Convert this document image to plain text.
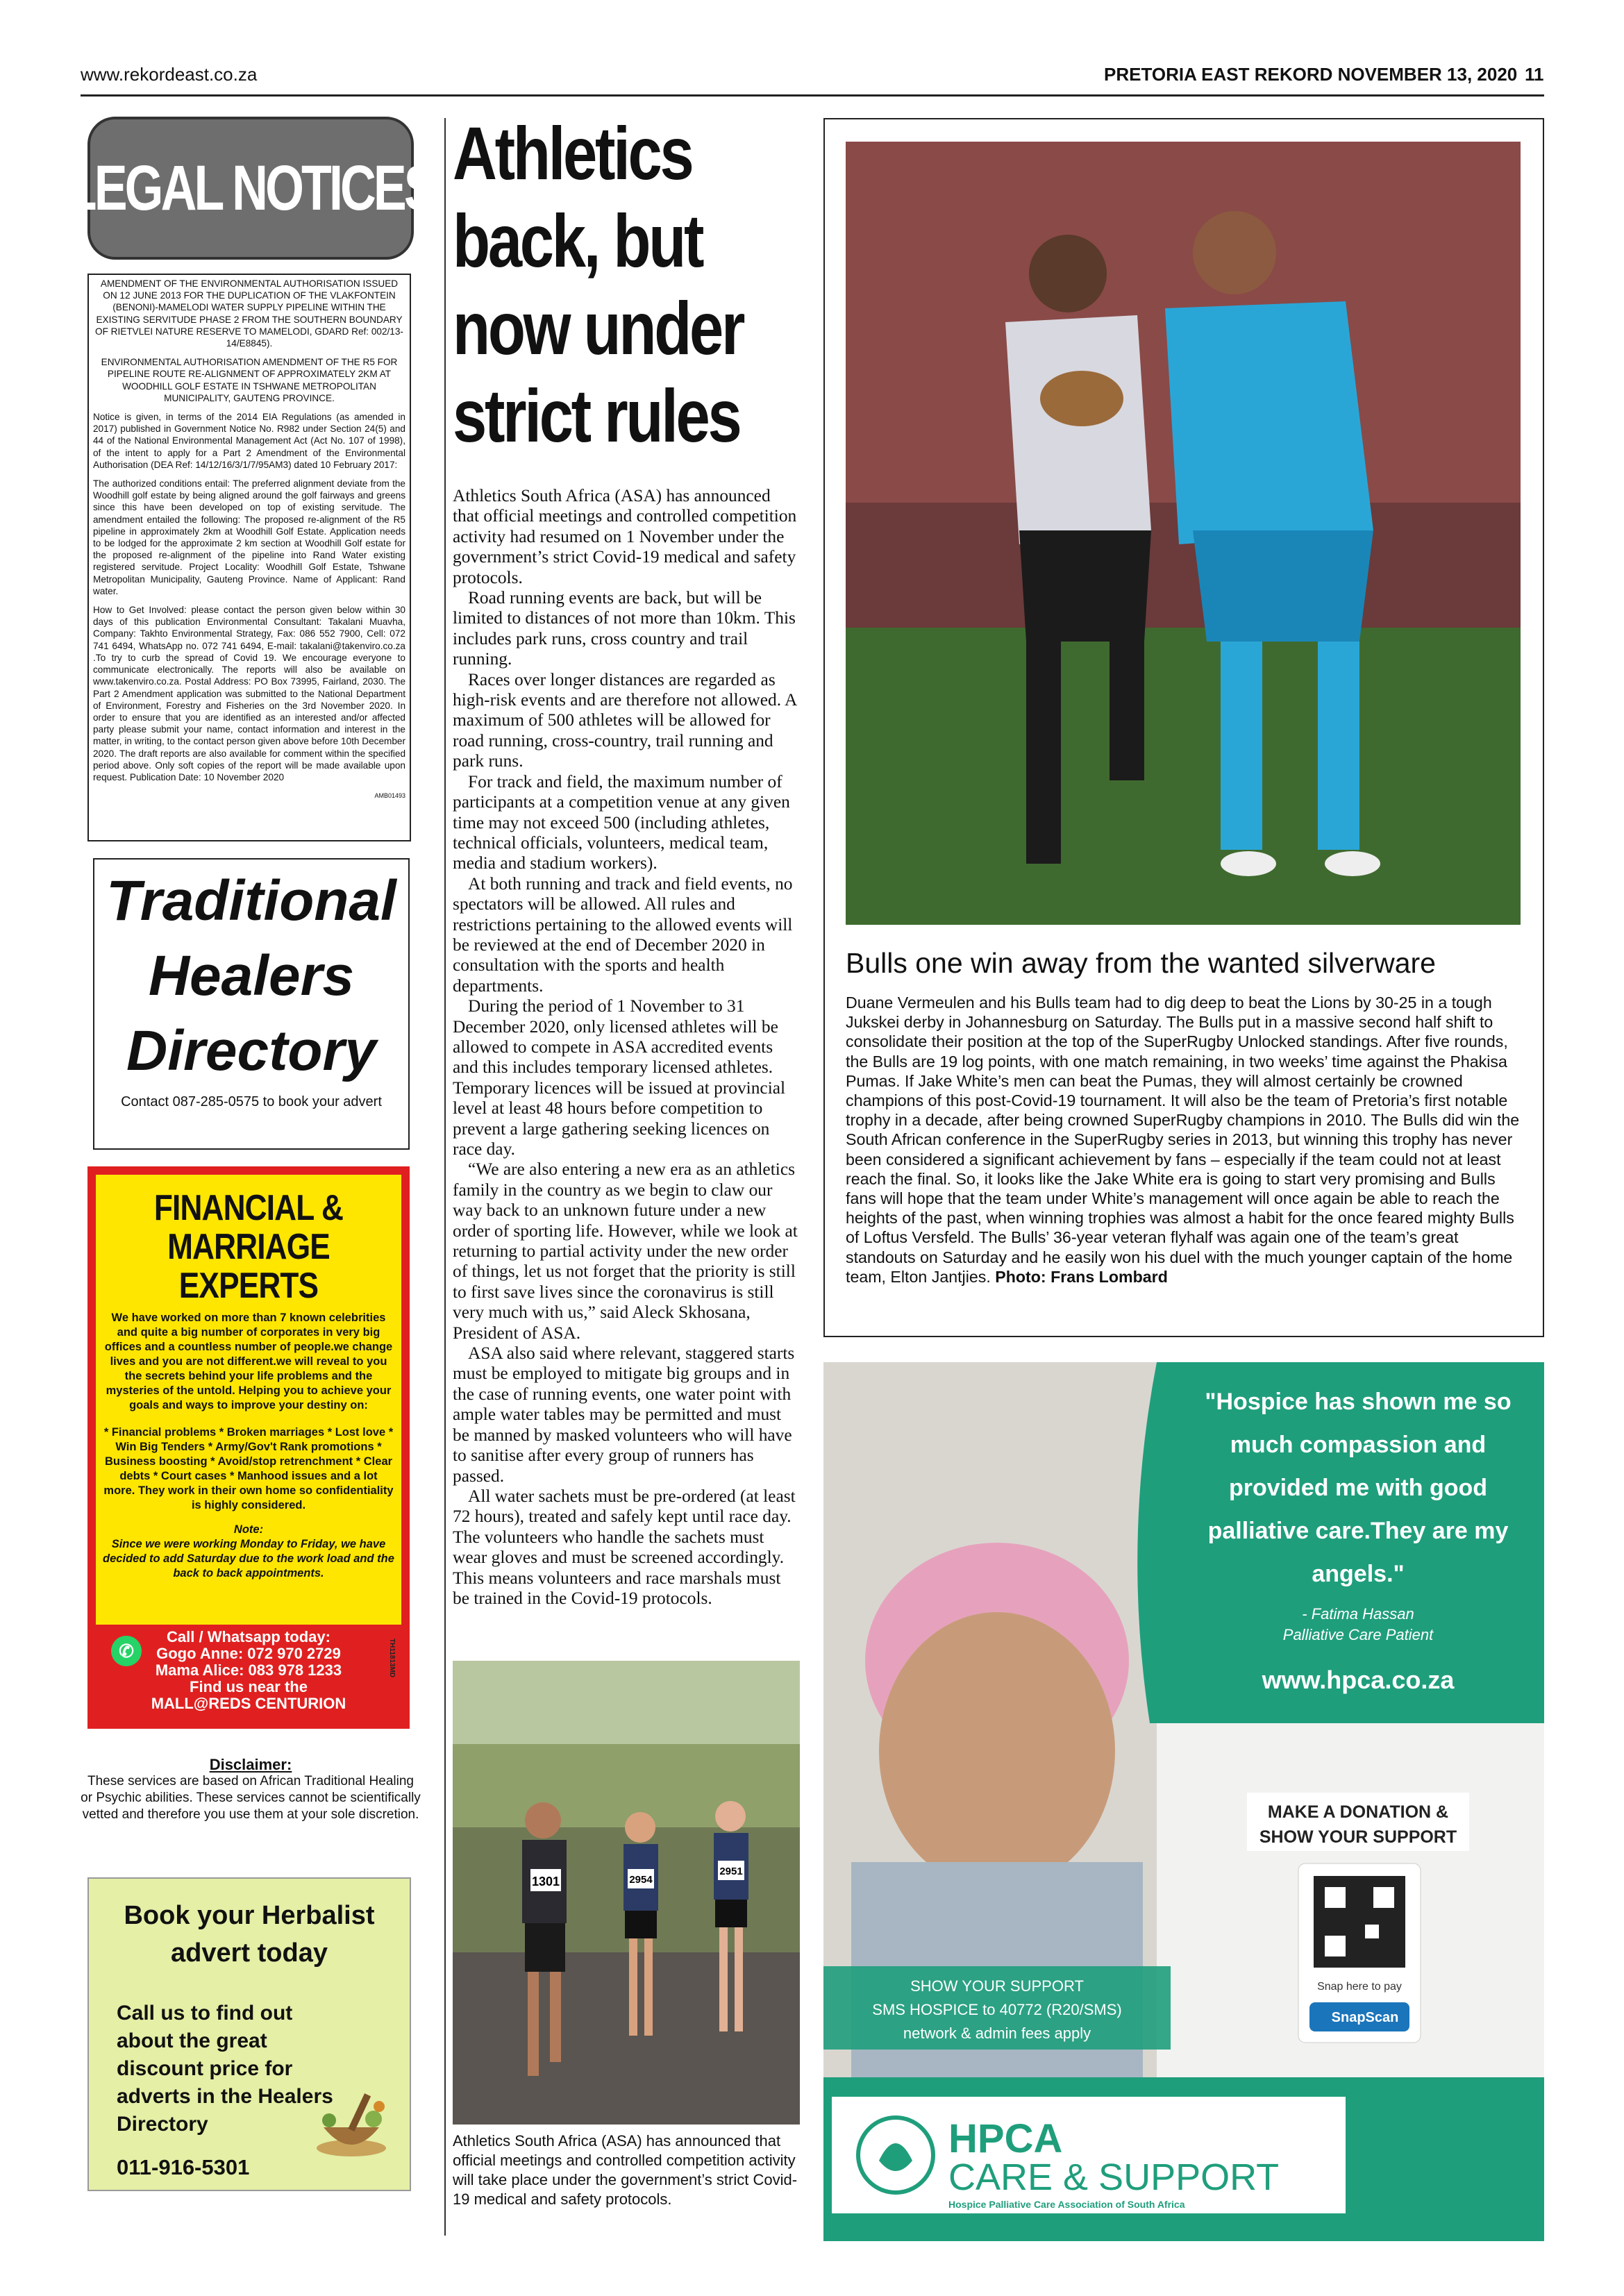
www.rekordeast.co.za	PRETORIA EAST REKORD NOVEMBER 13, 2020 11
LEGAL NOTICES

AMENDMENT OF THE ENVIRONMENTAL AUTHORISATION ISSUED ON 12 JUNE 2013 FOR THE DUPLICATION OF THE VLAKFONTEIN (BENONI)-MAMELODI WATER SUPPLY PIPELINE WITHIN THE EXISTING SERVITUDE PHASE 2 FROM THE SOUTHERN BOUNDARY OF RIETVLEI NATURE RESERVE TO MAMELODI, GDARD Ref: 002/13-14/E8845).

ENVIRONMENTAL AUTHORISATION AMENDMENT OF THE R5 FOR PIPELINE ROUTE RE-ALIGNMENT OF APPROXIMATELY 2KM AT WOODHILL GOLF ESTATE IN TSHWANE METROPOLITAN MUNICIPALITY, GAUTENG PROVINCE.

Notice is given, in terms of the 2014 EIA Regulations (as amended in 2017) published in Government Notice No. R982 under Section 24(5) and 44 of the National Environmental Management Act (Act No. 107 of 1998), of the intent to apply for a Part 2 Amendment of the Environmental Authorisation (DEA Ref: 14/12/16/3/1/7/95AM3) dated 10 February 2017:

The authorized conditions entail: The preferred alignment deviate from the Woodhill golf estate by being aligned around the golf fairways and greens since this have been developed on top of existing servitude. The amendment entailed the following: The proposed re-alignment of the R5 pipeline in approximately 2km at Woodhill Golf Estate. Application needs to be lodged for the approximate 2 km section at Woodhill Golf estate for the proposed re-alignment of the pipeline into Rand Water existing registered servitude. Project Locality: Woodhill Golf Estate, Tshwane Metropolitan Municipality, Gauteng Province. Name of Applicant: Rand water.

How to Get Involved: please contact the person given below within 30 days of this publication Environmental Consultant: Takalani Muavha, Company: Takhto Environmental Strategy, Fax: 086 552 7900, Cell: 072 741 6494, WhatsApp no. 072 741 6494, E-mail: takalani@takenviro.co.za .To try to curb the spread of Covid 19. We encourage everyone to communicate electronically. The reports will also be available on www.takenviro.co.za. Postal Address: PO Box 73995, Fairland, 2030. The Part 2 Amendment application was submitted to the National Department of Environment, Forestry and Fisheries on the 3rd November 2020. In order to ensure that you are identified as an interested and/or affected party please submit your name, contact information and interest in the matter, in writing, to the contact person given above before 10th December 2020. The draft reports are also available for comment within the specified period above. Only soft copies of the report will be made available upon request. Publication Date: 10 November 2020

AMB01493
Traditional
Healers
Directory
Contact 087-285-0575 to book your advert
FINANCIAL & MARRIAGE EXPERTS
We have worked on more than 7 known celebrities and quite a big number of corporates in very big offices and a countless number of people.we change lives and you are not different.we will reveal to you the secrets behind your life problems and the mysteries of the untold. Helping you to achieve your goals and ways to improve your destiny on:
* Financial problems * Broken marriages * Lost love * Win Big Tenders * Army/Gov't Rank promotions * Business boosting * Avoid/stop retrenchment * Clear debts * Court cases * Manhood issues and a lot more. They work in their own home so confidentiality is highly considered.
Note:
Since we were working Monday to Friday, we have decided to add Saturday due to the work load and the back to back appointments.
✆
Call / Whatsapp today:
Gogo Anne: 072 970 2729
Mama Alice: 083 978 1233
Find us near the
MALL@REDS CENTURION
TH11813MD
Disclaimer:
These services are based on African Traditional Healing or Psychic abilities. These services cannot be scientifically vetted and therefore you use them at your sole discretion.
Book your Herbalist advert today
Call us to find out about the great discount price for adverts in the Healers Directory
011-916-5301
Athletics
back, but
now under
strict rules

Athletics South Africa (ASA) has announced that official meetings and controlled competition activity had resumed on 1 November under the government’s strict Covid-19 medical and safety protocols.

Road running events are back, but will be limited to distances of not more than 10km. This includes park runs, cross country and trail running.

Races over longer distances are regarded as high-risk events and are therefore not allowed. A maximum of 500 athletes will be allowed for road running, cross-country, trail running and park runs.

For track and field, the maximum number of participants at a competition venue at any given time may not exceed 500 (including athletes, technical officials, volunteers, medical team, media and stadium workers).

At both running and track and field events, no spectators will be allowed. All rules and restrictions pertaining to the allowed events will be reviewed at the end of December 2020 in consultation with the sports and health departments.

During the period of 1 November to 31 December 2020, only licensed athletes will be allowed to compete in ASA accredited events and this includes temporary licensed athletes. Temporary licences will be issued at provincial level at least 48 hours before competition to prevent a large gathering seeking licences on race day.

“We are also entering a new era as an athletics family in the country as we begin to claw our way back to an unknown future under a new order of sporting life. However, while we look at returning to partial activity under the new order of things, let us not forget that the priority is still to first save lives since the coronavirus is still very much with us,” said Aleck Skhosana, President of ASA.

ASA also said where relevant, staggered starts must be employed to mitigate big groups and in the case of running events, one water point with ample water tables may be permitted and must be manned by masked volunteers who will have to sanitise after every group of runners has passed.

All water sachets must be pre-ordered (at least 72 hours), treated and safely kept until race day. The volunteers who handle the sachets must wear gloves and must be screened accordingly. This means volunteers and race marshals must be trained in the Covid-19 protocols.

1301	2954
2951
Athletics South Africa (ASA) has announced that official meetings and controlled competition activity will take place under the government’s strict Covid-19 medical and safety protocols.
Bulls one win away from the wanted silverware
Duane Vermeulen and his Bulls team had to dig deep to beat the Lions by 30-25 in a tough Jukskei derby in Johannesburg on Saturday. The Bulls put in a massive second half shift to consolidate their position at the top of the SuperRugby Unlocked standings. After five rounds, the Bulls are 19 log points, with one match remaining, in two weeks’ time against the Phakisa Pumas. If Jake White’s men can beat the Pumas, they will almost certainly be crowned champions of this post-Covid-19 tournament. It will also be the team of Pretoria’s first notable trophy in a decade, after being crowned SuperRugby champions in 2010. The Bulls did win the South African conference in the SuperRugby series in 2013, but winning this trophy has never been considered a significant achievement by fans – especially if the team could not at least reach the final. So, it looks like the Jake White era is going to start very promising and Bulls fans will hope that the team under White’s management will once again be able to reach the heights of the past, when winning trophies was almost a habit for the once feared mighty Bulls of Loftus Versfeld. The Bulls’ 36-year veteran flyhalf was again one of the team’s great standouts on Saturday and he easily won his duel with the much younger captain of the home team, Elton Jantjies. Photo: Frans Lombard
"Hospice has shown me so
much compassion and
provided me with good
palliative care.They are my
angels."
- Fatima Hassan
Palliative Care Patient
www.hpca.co.za
MAKE A DONATION &
SHOW YOUR SUPPORT
Snap here to pay
SnapScan
SHOW YOUR SUPPORT
SMS HOSPICE to 40772 (R20/SMS)
network & admin fees apply
HPCA
CARE & SUPPORT
Hospice Palliative Care Association of South Africa
